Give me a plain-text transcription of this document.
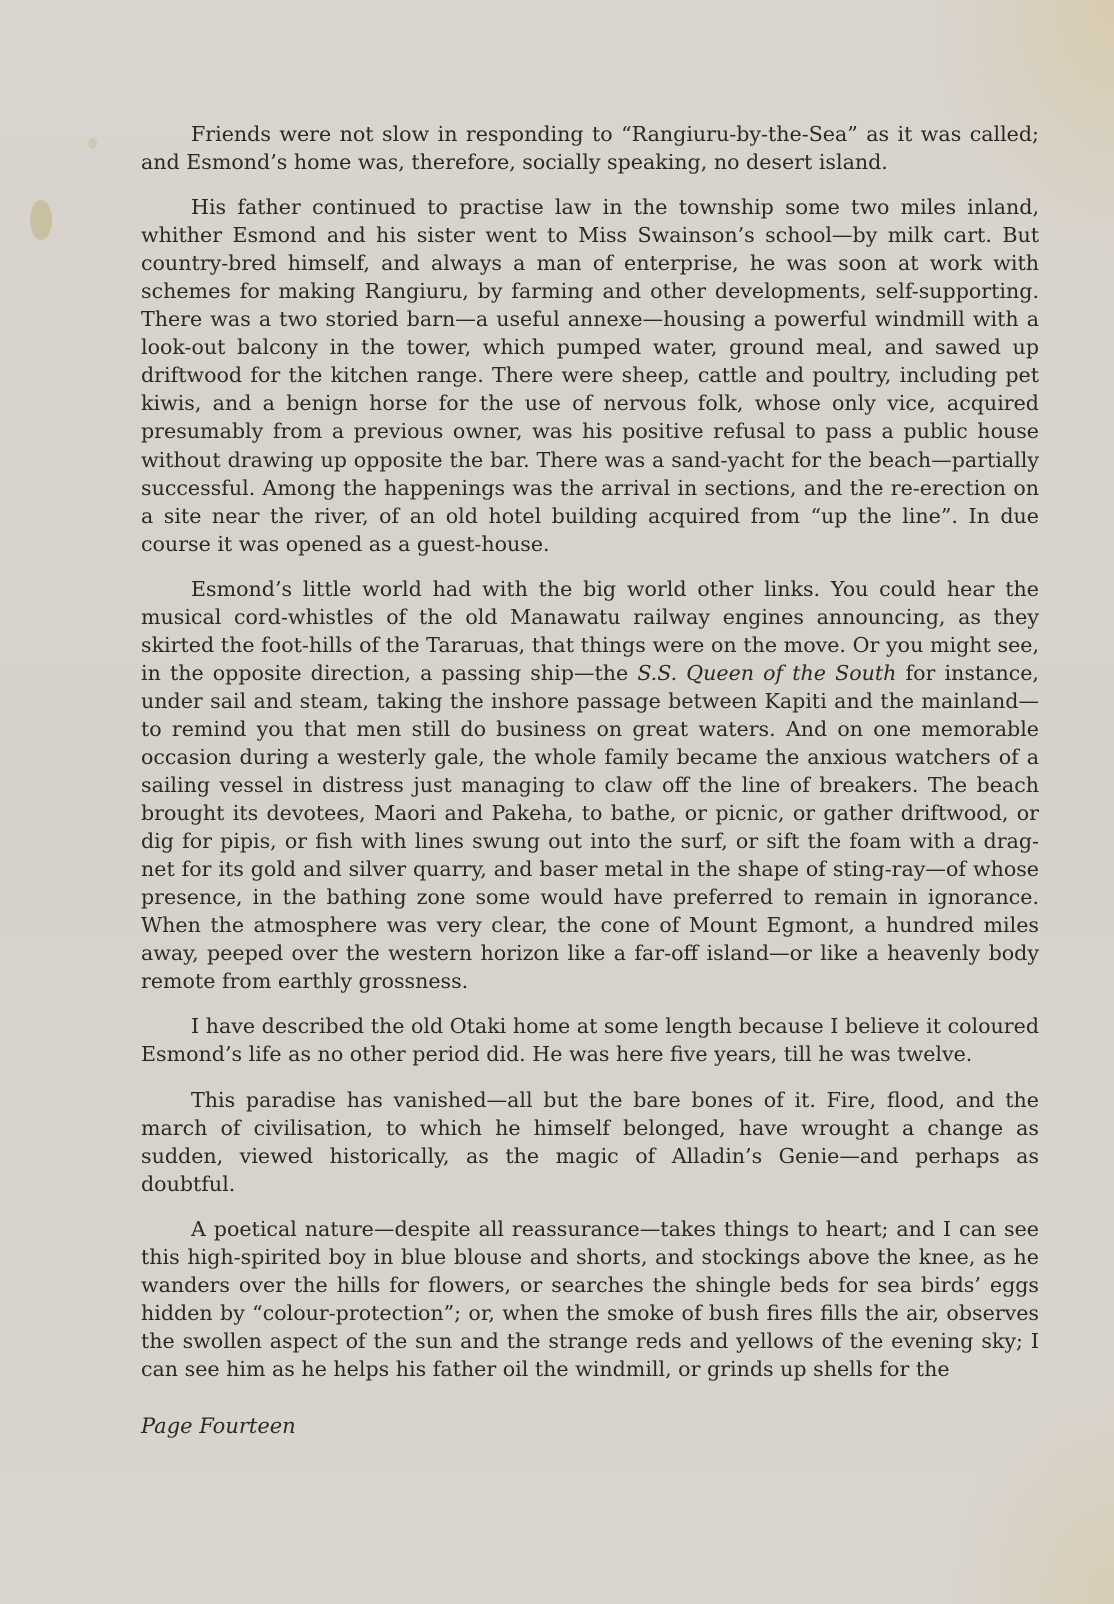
Friends were not slow in responding to “Rangiuru-by-the-Sea” as it was called; and Esmond’s home was, therefore, socially speaking, no desert island.

His father continued to practise law in the township some two miles inland, whither Esmond and his sister went to Miss Swainson’s school—by milk cart. But country-bred himself, and always a man of enterprise, he was soon at work with schemes for making Rangiuru, by farming and other developments, self-supporting. There was a two storied barn—a useful annexe—housing a powerful windmill with a look-out balcony in the tower, which pumped water, ground meal, and sawed up driftwood for the kitchen range. There were sheep, cattle and poultry, including pet kiwis, and a benign horse for the use of nervous folk, whose only vice, acquired presumably from a previous owner, was his positive refusal to pass a public house without drawing up opposite the bar. There was a sand-yacht for the beach—partially successful. Among the happenings was the arrival in sections, and the re-erection on a site near the river, of an old hotel building acquired from “up the line”. In due course it was opened as a guest-house.

Esmond’s little world had with the big world other links. You could hear the musical cord-whistles of the old Manawatu railway engines announcing, as they skirted the foot-hills of the Tararuas, that things were on the move. Or you might see, in the opposite direction, a passing ship—the S.S. Queen of the South for instance, under sail and steam, taking the inshore passage between Kapiti and the mainland—to remind you that men still do business on great waters. And on one memorable occasion during a westerly gale, the whole family became the anxious watchers of a sailing vessel in distress just managing to claw off the line of breakers. The beach brought its devotees, Maori and Pakeha, to bathe, or picnic, or gather driftwood, or dig for pipis, or fish with lines swung out into the surf, or sift the foam with a drag-net for its gold and silver quarry, and baser metal in the shape of sting-ray—of whose presence, in the bathing zone some would have preferred to remain in ignorance. When the atmosphere was very clear, the cone of Mount Egmont, a hundred miles away, peeped over the western horizon like a far-off island—or like a heavenly body remote from earthly grossness.

I have described the old Otaki home at some length because I believe it coloured Esmond’s life as no other period did. He was here five years, till he was twelve.

This paradise has vanished—all but the bare bones of it. Fire, flood, and the march of civilisation, to which he himself belonged, have wrought a change as sudden, viewed historically, as the magic of Alladin’s Genie—and perhaps as doubtful.

A poetical nature—despite all reassurance—takes things to heart; and I can see this high-spirited boy in blue blouse and shorts, and stockings above the knee, as he wanders over the hills for flowers, or searches the shingle beds for sea birds’ eggs hidden by “colour-protection”; or, when the smoke of bush fires fills the air, observes the swollen aspect of the sun and the strange reds and yellows of the evening sky; I can see him as he helps his father oil the windmill, or grinds up shells for the

Page Fourteen
